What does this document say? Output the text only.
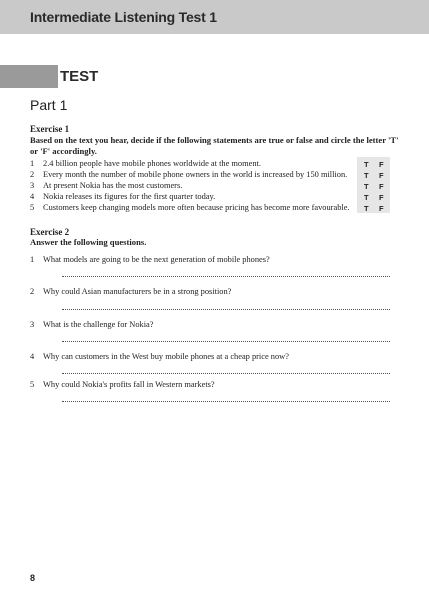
Intermediate Listening Test 1
TEST
Part 1
Exercise 1
Based on the text you hear, decide if the following statements are true or false and circle the letter 'T' or 'F' accordingly.
1 2.4 billion people have mobile phones worldwide at the moment.
2 Every month the number of mobile phone owners in the world is increased by 150 million.
3 At present Nokia has the most customers.
4 Nokia releases its figures for the first quarter today.
5 Customers keep changing models more often because pricing has become more favourable.
T F
T F
T F
T F
T F
Exercise 2
Answer the following questions.
1 What models are going to be the next generation of mobile phones?
2 Why could Asian manufacturers be in a strong position?
3 What is the challenge for Nokia?
4 Why can customers in the West buy mobile phones at a cheap price now?
5 Why could Nokia's profits fall in Western markets?
8
